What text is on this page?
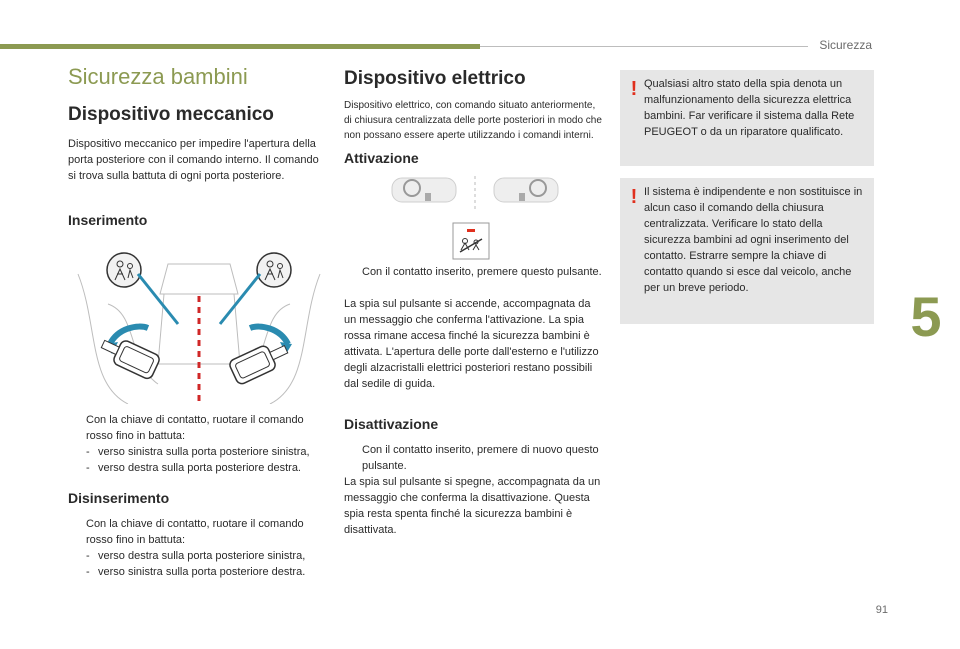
Sicurezza
5
91
Sicurezza bambini
Dispositivo meccanico

Dispositivo meccanico per impedire l'apertura della porta posteriore con il comando interno. Il comando si trova sulla battuta di ogni porta posteriore.

Inserimento
Con la chiave di contatto, ruotare il comando rosso fino in battuta:
- verso sinistra sulla porta posteriore sinistra,
- verso destra sulla porta posteriore destra.
Disinserimento
Con la chiave di contatto, ruotare il comando rosso fino in battuta:
- verso destra sulla porta posteriore sinistra,
- verso sinistra sulla porta posteriore destra.
Dispositivo elettrico

Dispositivo elettrico, con comando situato anteriormente, di chiusura centralizzata delle porte posteriori in modo che non possano essere aperte utilizzando i comandi interni.

Attivazione
Con il contatto inserito, premere questo pulsante.

La spia sul pulsante si accende, accompagnata da un messaggio che conferma l'attivazione. La spia rossa rimane accesa finché la sicurezza bambini è attivata. L'apertura delle porte dall'esterno e l'utilizzo degli alzacristalli elettrici posteriori restano possibili dal sedile di guida.

Disattivazione
Con il contatto inserito, premere di nuovo questo pulsante.

La spia sul pulsante si spegne, accompagnata da un messaggio che conferma la disattivazione. Questa spia resta spenta finché la sicurezza bambini è disattivata.

! Qualsiasi altro stato della spia denota un malfunzionamento della sicurezza elettrica bambini. Far verificare il sistema dalla Rete PEUGEOT o da un riparatore qualificato.
! Il sistema è indipendente e non sostituisce in alcun caso il comando della chiusura centralizzata. Verificare lo stato della sicurezza bambini ad ogni inserimento del contatto. Estrarre sempre la chiave di contatto quando si esce dal veicolo, anche per un breve periodo.
